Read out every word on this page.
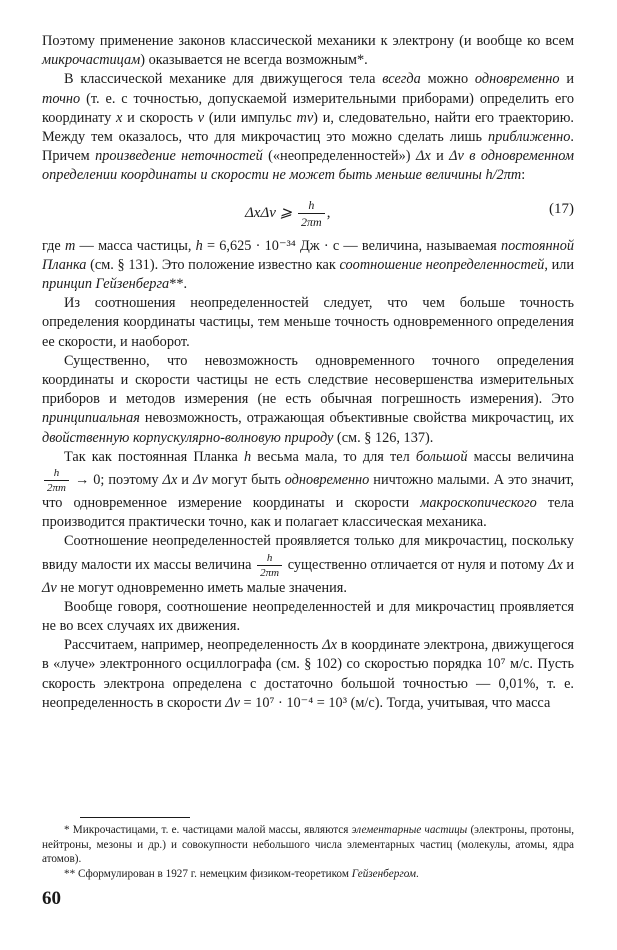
Поэтому применение законов классической механики к электрону (и вообще ко всем микрочастицам) оказывается не всегда возможным*.

В классической механике для движущегося тела всегда можно одновременно и точно (т. е. с точностью, допускаемой измерительными приборами) определить его координату x и скорость v (или импульс mv) и, следовательно, найти его траекторию. Между тем оказалось, что для микрочастиц это можно сделать лишь приближенно. Причем произведение неточностей («неопределенностей») Δx и Δv в одновременном определении координаты и скорости не может быть меньше величины h/2πm:

ΔxΔv ⩾ $\frac{h}{2\pi m}$ ,	(17)

где m — масса частицы, h = 6,625 · 10⁻³⁴ Дж · с — величина, называемая постоянной Планка (см. § 131). Это положение известно как соотношение неопределенностей, или принцип Гейзенберга**.

Из соотношения неопределенностей следует, что чем больше точность определения координаты частицы, тем меньше точность одновременного определения ее скорости, и наоборот.

Существенно, что невозможность одновременного точного определения координаты и скорости частицы не есть следствие несовершенства измерительных приборов и методов измерения (не есть обычная погрешность измерения). Это принципиальная невозможность, отражающая объективные свойства микрочастиц, их двойственную корпускулярно-волновую природу (см. § 126, 137).

Так как постоянная Планка h весьма мала, то для тел большой массы величина
$\frac{h}{2\pi m} \to 0$; поэтому Δx и Δv могут быть одновременно ничтожно малыми. А это значит, что одновременное измерение координаты и скорости макроскопического тела производится практически точно, как и полагает классическая механика.

Соотношение неопределенностей проявляется только для микрочастиц, поскольку ввиду малости их массы величина $\frac{h}{2\pi m}$ существенно отличается от нуля и потому Δx и Δv не могут одновременно иметь малые значения.

Вообще говоря, соотношение неопределенностей и для микрочастиц проявляется не во всех случаях их движения.

Рассчитаем, например, неопределенность Δx в координате электрона, движущегося в «луче» электронного осциллографа (см. § 102) со скоростью порядка 10⁷ м/с. Пусть скорость электрона определена с достаточно большой точностью — 0,01%, т. е. неопределенность в скорости Δv = 10⁷ · 10⁻⁴ = 10³ (м/с). Тогда, учитывая, что масса

* Микрочастицами, т. е. частицами малой массы, являются элементарные частицы (электроны, протоны, нейтроны, мезоны и др.) и совокупности небольшого числа элементарных частиц (молекулы, атомы, ядра атомов).

** Сформулирован в 1927 г. немецким физиком-теоретиком Гейзенбергом.

60
